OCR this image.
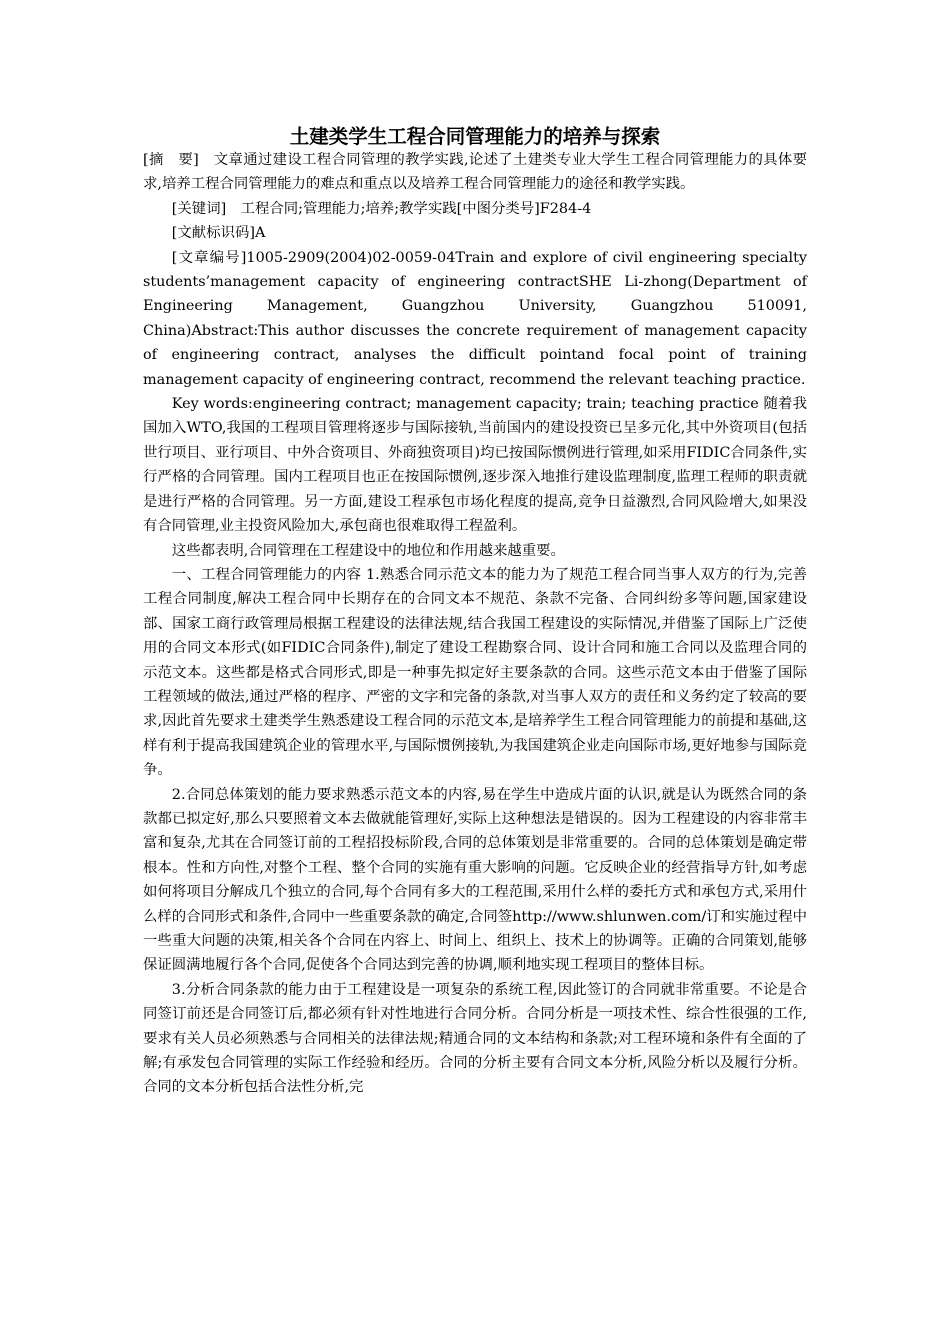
土建类学生工程合同管理能力的培养与探索

[摘　要]　文章通过建设工程合同管理的教学实践,论述了土建类专业大学生工程合同管理能力的具体要求,培养工程合同管理能力的难点和重点以及培养工程合同管理能力的途径和教学实践。

[关键词]　工程合同;管理能力;培养;教学实践[中图分类号]F284-4

[文献标识码]A

[文章编号]1005-2909(2004)02-0059-04Train and explore of civil engineering specialty students’management capacity of engineering contractSHE Li-zhong(Department of Engineering Management, Guangzhou University, Guangzhou 510091, China)Abstract:This author discusses the concrete requirement of management capacity of engineering contract, analyses the difficult pointand focal point of training management capacity of engineering contract, recommend the relevant teaching practice.

Key words:engineering contract; management capacity; train; teaching practice 随着我国加入WTO,我国的工程项目管理将逐步与国际接轨,当前国内的建设投资已呈多元化,其中外资项目(包括世行项目、亚行项目、中外合资项目、外商独资项目)均已按国际惯例进行管理,如采用FIDIC合同条件,实行严格的合同管理。国内工程项目也正在按国际惯例,逐步深入地推行建设监理制度,监理工程师的职责就是进行严格的合同管理。另一方面,建设工程承包市场化程度的提高,竞争日益激烈,合同风险增大,如果没有合同管理,业主投资风险加大,承包商也很难取得工程盈利。

这些都表明,合同管理在工程建设中的地位和作用越来越重要。

一、工程合同管理能力的内容 1.熟悉合同示范文本的能力为了规范工程合同当事人双方的行为,完善工程合同制度,解决工程合同中长期存在的合同文本不规范、条款不完备、合同纠纷多等问题,国家建设部、国家工商行政管理局根据工程建设的法律法规,结合我国工程建设的实际情况,并借鉴了国际上广泛使用的合同文本形式(如FIDIC合同条件),制定了建设工程勘察合同、设计合同和施工合同以及监理合同的示范文本。这些都是格式合同形式,即是一种事先拟定好主要条款的合同。这些示范文本由于借鉴了国际工程领域的做法,通过严格的程序、严密的文字和完备的条款,对当事人双方的责任和义务约定了较高的要求,因此首先要求土建类学生熟悉建设工程合同的示范文本,是培养学生工程合同管理能力的前提和基础,这样有利于提高我国建筑企业的管理水平,与国际惯例接轨,为我国建筑企业走向国际市场,更好地参与国际竞争。

2.合同总体策划的能力要求熟悉示范文本的内容,易在学生中造成片面的认识,就是认为既然合同的条款都已拟定好,那么只要照着文本去做就能管理好,实际上这种想法是错误的。因为工程建设的内容非常丰富和复杂,尤其在合同签订前的工程招投标阶段,合同的总体策划是非常重要的。合同的总体策划是确定带根本。性和方向性,对整个工程、整个合同的实施有重大影响的问题。它反映企业的经营指导方针,如考虑如何将项目分解成几个独立的合同,每个合同有多大的工程范围,采用什么样的委托方式和承包方式,采用什么样的合同形式和条件,合同中一些重要条款的确定,合同签http://www.shlunwen.com/订和实施过程中一些重大问题的决策,相关各个合同在内容上、时间上、组织上、技术上的协调等。正确的合同策划,能够保证圆满地履行各个合同,促使各个合同达到完善的协调,顺利地实现工程项目的整体目标。

3.分析合同条款的能力由于工程建设是一项复杂的系统工程,因此签订的合同就非常重要。不论是合同签订前还是合同签订后,都必须有针对性地进行合同分析。合同分析是一项技术性、综合性很强的工作,要求有关人员必须熟悉与合同相关的法律法规;精通合同的文本结构和条款;对工程环境和条件有全面的了解;有承发包合同管理的实际工作经验和经历。合同的分析主要有合同文本分析,风险分析以及履行分析。合同的文本分析包括合法性分析,完
